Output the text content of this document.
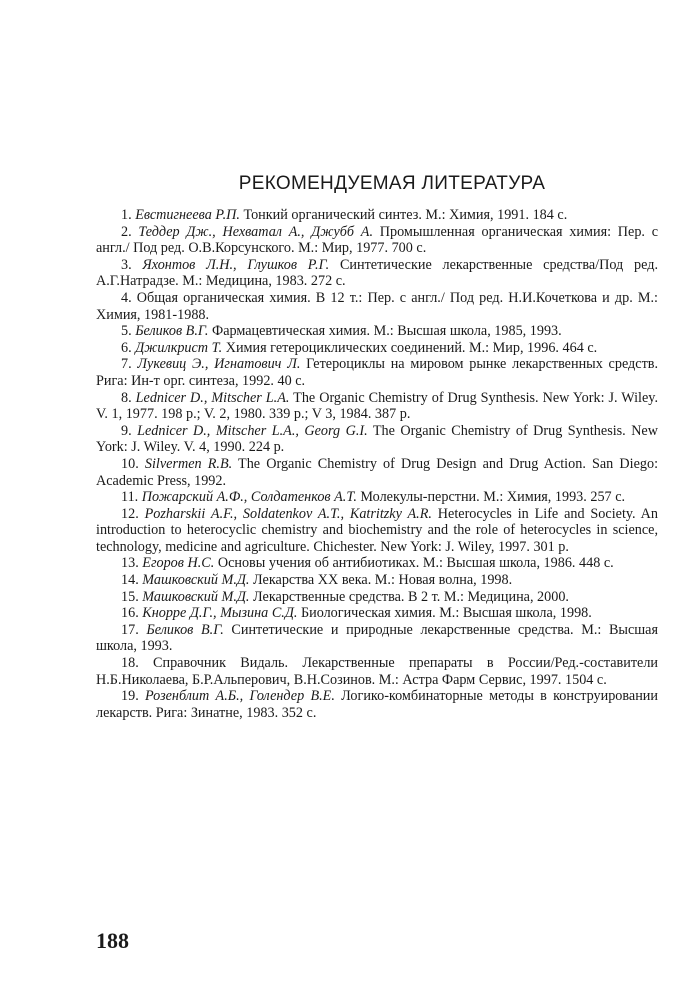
РЕКОМЕНДУЕМАЯ ЛИТЕРАТУРА

1. Евстигнеева Р.П. Тонкий органический синтез. М.: Химия, 1991. 184 с.

2. Теддер Дж., Нехватал А., Джубб А. Промышленная органическая химия: Пер. с англ./ Под ред. О.В.Корсунского. М.: Мир, 1977. 700 с.

3. Яхонтов Л.Н., Глушков Р.Г. Синтетические лекарственные средства/Под ред. А.Г.Натрадзе. М.: Медицина, 1983. 272 с.

4. Общая органическая химия. В 12 т.: Пер. с англ./ Под ред. Н.И.Кочеткова и др. М.: Химия, 1981-1988.

5. Беликов В.Г. Фармацевтическая химия. М.: Высшая школа, 1985, 1993.

6. Джилкрист Т. Химия гетероциклических соединений. М.: Мир, 1996. 464 с.

7. Лукевиц Э., Игнатович Л. Гетероциклы на мировом рынке лекарственных средств. Рига: Ин-т орг. синтеза, 1992. 40 с.

8. Lednicer D., Mitscher L.A. The Organic Chemistry of Drug Synthesis. New York: J. Wiley. V. 1, 1977. 198 p.; V. 2, 1980. 339 p.; V 3, 1984. 387 p.

9. Lednicer D., Mitscher L.A., Georg G.I. The Organic Chemistry of Drug Synthesis. New York: J. Wiley. V. 4, 1990. 224 p.

10. Silvermen R.B. The Organic Chemistry of Drug Design and Drug Action. San Diego: Academic Press, 1992.

11. Пожарский А.Ф., Солдатенков А.Т. Молекулы-перстни. М.: Химия, 1993. 257 с.

12. Pozharskii A.F., Soldatenkov A.T., Katritzky A.R. Heterocycles in Life and Society. An introduction to heterocyclic chemistry and biochemistry and the role of heterocycles in science, technology, medicine and agriculture. Chichester. New York: J. Wiley, 1997. 301 p.

13. Егоров Н.С. Основы учения об антибиотиках. М.: Высшая школа, 1986. 448 с.

14. Машковский М.Д. Лекарства XX века. М.: Новая волна, 1998.

15. Машковский М.Д. Лекарственные средства. В 2 т. М.: Медицина, 2000.

16. Кнорре Д.Г., Мызина С.Д. Биологическая химия. М.: Высшая школа, 1998.

17. Беликов В.Г. Синтетические и природные лекарственные средства. М.: Высшая школа, 1993.

18. Справочник Видаль. Лекарственные препараты в России/Ред.-составители Н.Б.Николаева, Б.Р.Альперович, В.Н.Созинов. М.: Астра Фарм Сервис, 1997. 1504 с.

19. Розенблит А.Б., Голендер В.Е. Логико-комбинаторные методы в конструировании лекарств. Рига: Зинатне, 1983. 352 с.

188
